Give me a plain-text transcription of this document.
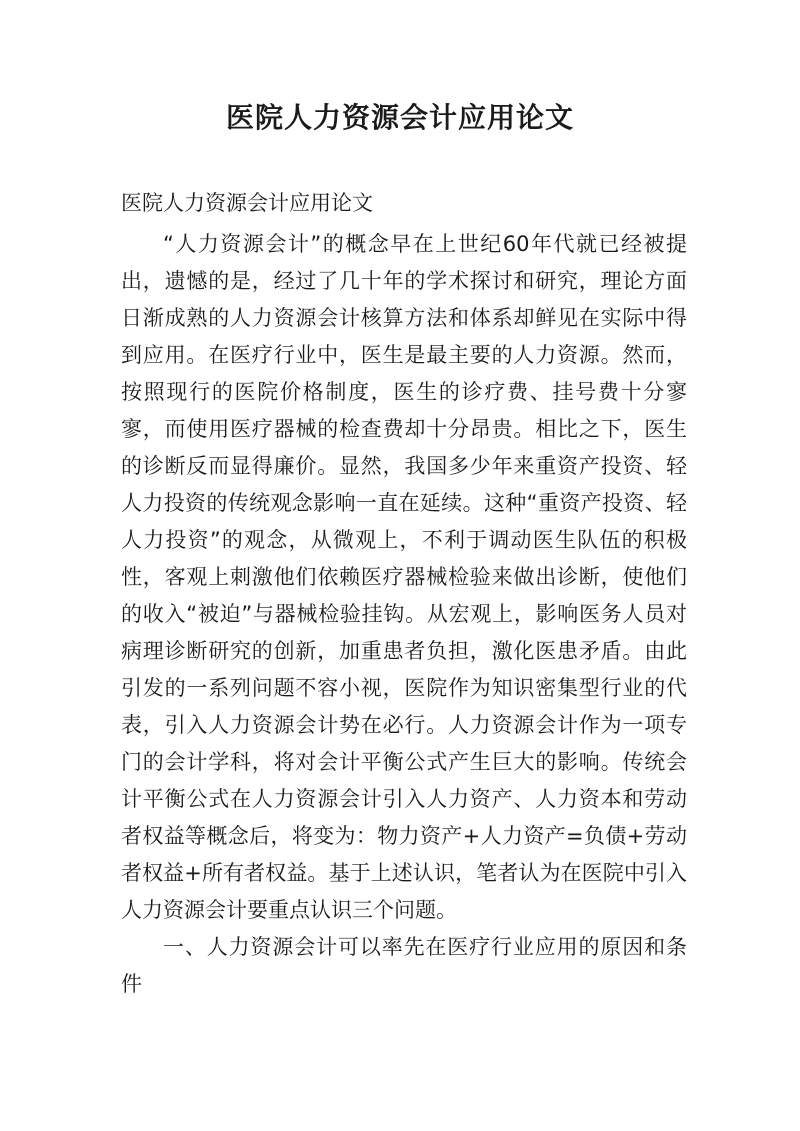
医院人力资源会计应用论文
医院人力资源会计应用论文

“人力资源会计”的概念早在上世纪60年代就已经被提出，遗憾的是，经过了几十年的学术探讨和研究，理论方面日渐成熟的人力资源会计核算方法和体系却鲜见在实际中得到应用。在医疗行业中，医生是最主要的人力资源。然而，按照现行的医院价格制度，医生的诊疗费、挂号费十分寥寥，而使用医疗器械的检查费却十分昂贵。相比之下，医生的诊断反而显得廉价。显然，我国多少年来重资产投资、轻人力投资的传统观念影响一直在延续。这种“重资产投资、轻人力投资”的观念，从微观上，不利于调动医生队伍的积极性，客观上刺激他们依赖医疗器械检验来做出诊断，使他们的收入“被迫”与器械检验挂钩。从宏观上，影响医务人员对病理诊断研究的创新，加重患者负担，激化医患矛盾。由此引发的一系列问题不容小视，医院作为知识密集型行业的代表，引入人力资源会计势在必行。人力资源会计作为一项专门的会计学科，将对会计平衡公式产生巨大的影响。传统会计平衡公式在人力资源会计引入人力资产、人力资本和劳动者权益等概念后，将变为：物力资产+人力资产=负债+劳动者权益+所有者权益。基于上述认识，笔者认为在医院中引入人力资源会计要重点认识三个问题。

一、人力资源会计可以率先在医疗行业应用的原因和条件
